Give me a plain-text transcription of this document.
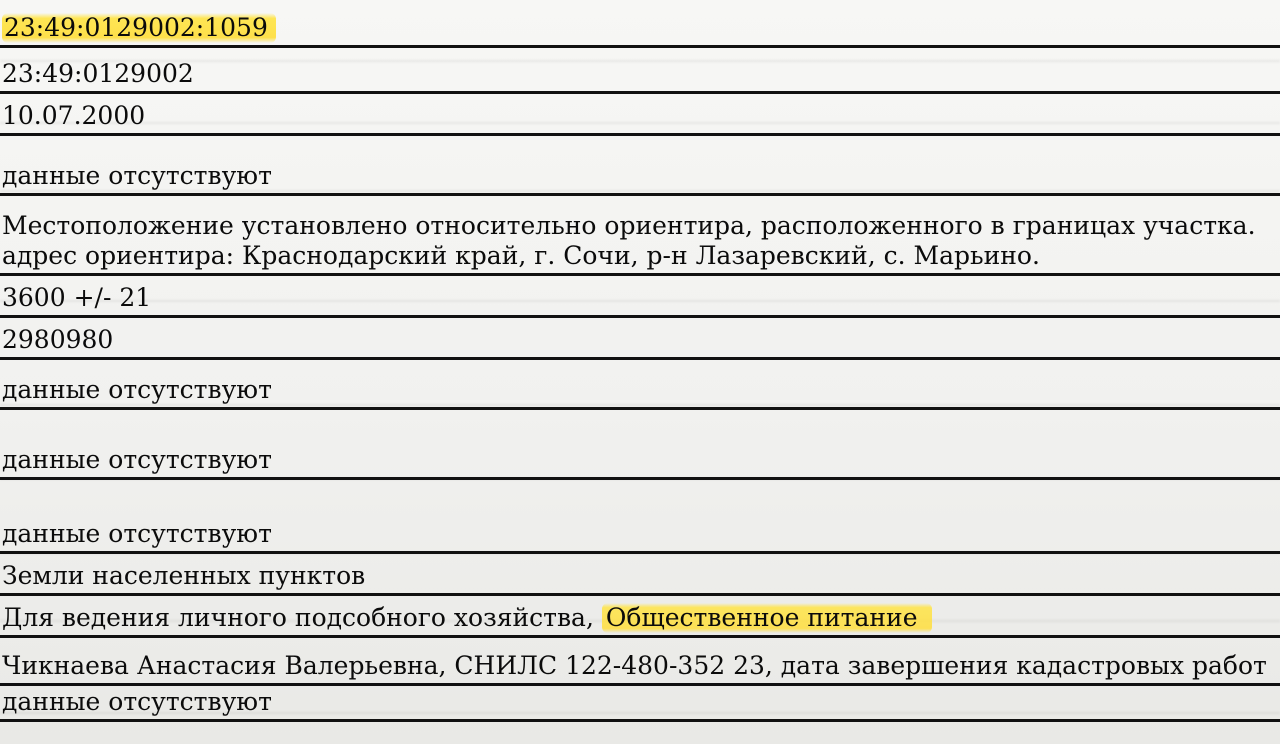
23:49:0129002:1059
23:49:0129002
10.07.2000
данные отсутствуют
Местоположение установлено относительно ориентира, расположенного в границах участка.
адрес ориентира: Краснодарский край, г. Сочи, р-н Лазаревский, с. Марьино.
3600 +/- 21
2980980
данные отсутствуют
данные отсутствуют
данные отсутствуют
Земли населенных пунктов
Для ведения личного подсобного хозяйства, Общественное питание
Чикнаева Анастасия Валерьевна, СНИЛС 122-480-352 23, дата завершения кадастровых работ
данные отсутствуют
